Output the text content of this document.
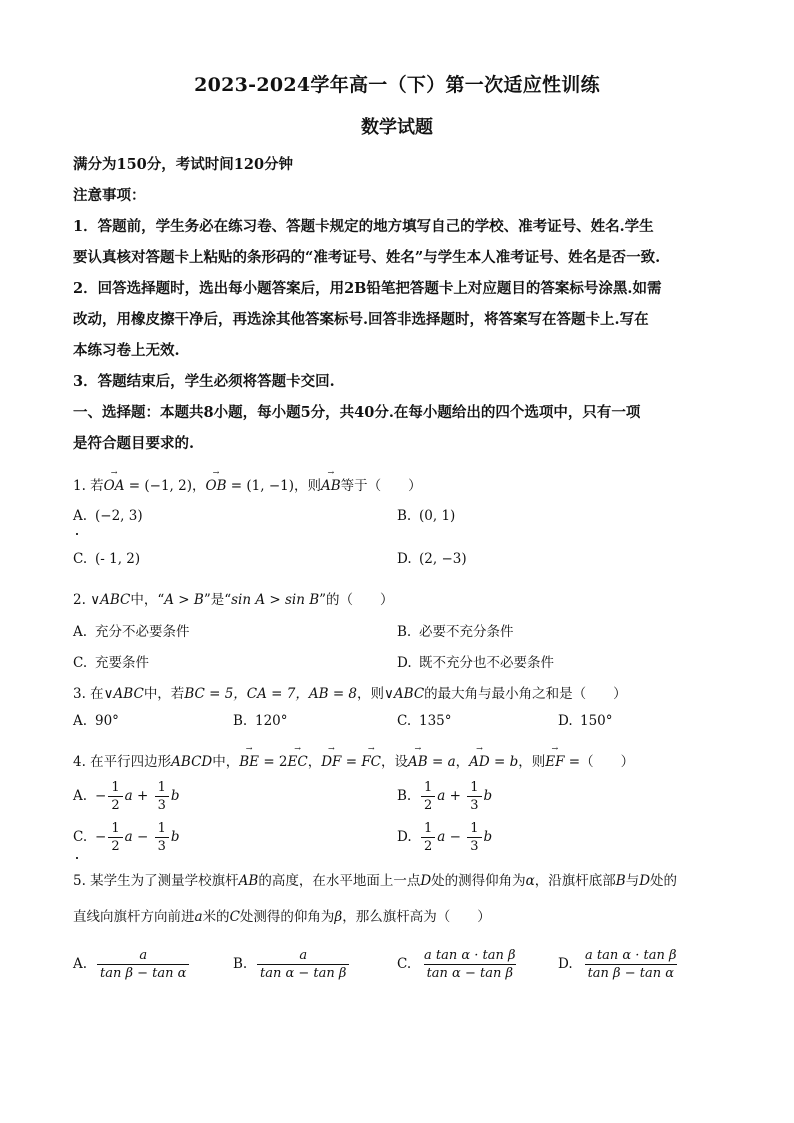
2023-2024学年高一（下）第一次适应性训练
数学试题
满分为150分，考试时间120分钟
注意事项：
1．答题前，学生务必在练习卷、答题卡规定的地方填写自己的学校、准考证号、姓名.学生
要认真核对答题卡上粘贴的条形码的“准考证号、姓名”与学生本人准考证号、姓名是否一致.
2．回答选择题时，选出每小题答案后，用2B铅笔把答题卡上对应题目的答案标号涂黑.如需
改动，用橡皮擦干净后，再选涂其他答案标号.回答非选择题时，将答案写在答题卡上.写在
本练习卷上无效.
3．答题结束后，学生必须将答题卡交回.
一、选择题：本题共8小题，每小题5分，共40分.在每小题给出的四个选项中，只有一项
是符合题目要求的.
1. 若→ OA = (−1, 2)，→ OB = (1, −1)，则→ AB等于（　　）
A. (−2, 3)	B. (0, 1)
C. (- 1, 2)	D. (2, −3)
2. ∨ABC中，“A > B”是“sin A > sin B”的（　　）
A. 充分不必要条件	B. 必要不充分条件
C. 充要条件	D. 既不充分也不必要条件
3. 在∨ABC中，若BC = 5，CA = 7，AB = 8，则∨ABC的最大角与最小角之和是（　　）
A. 90°	B. 120°	C. 135°	D. 150°
4. 在平行四边形ABCD中，→ BE = 2→ EC，→ DF = → FC，设→ AB = a，→ AD = b，则→ EF =（　　）
A. − $\frac{1}{2}$ $a + \frac{1}{3}$ b	B. $\frac{1}{2}$ $a + \frac{1}{3}$ b
C. − $\frac{1}{2}$ $a - \frac{1}{3}$ b	D. $\frac{1}{2}$ $a - \frac{1}{3}$ b
5. 某学生为了测量学校旗杆AB的高度，在水平地面上一点D处的测得仰角为α，沿旗杆底部B与D处的
直线向旗杆方向前进a米的C处测得的仰角为β，那么旗杆高为（　　）
A. $\frac{a}{\text{tan β − tan α}}$	B. $\frac{a}{\text{tan α − tan β}}$	C. $\frac{\text{a tan α · tan β}}{\text{tan α − tan β}}$	D. $\frac{\text{a tan α · tan β}}{\text{tan β − tan α}}$
